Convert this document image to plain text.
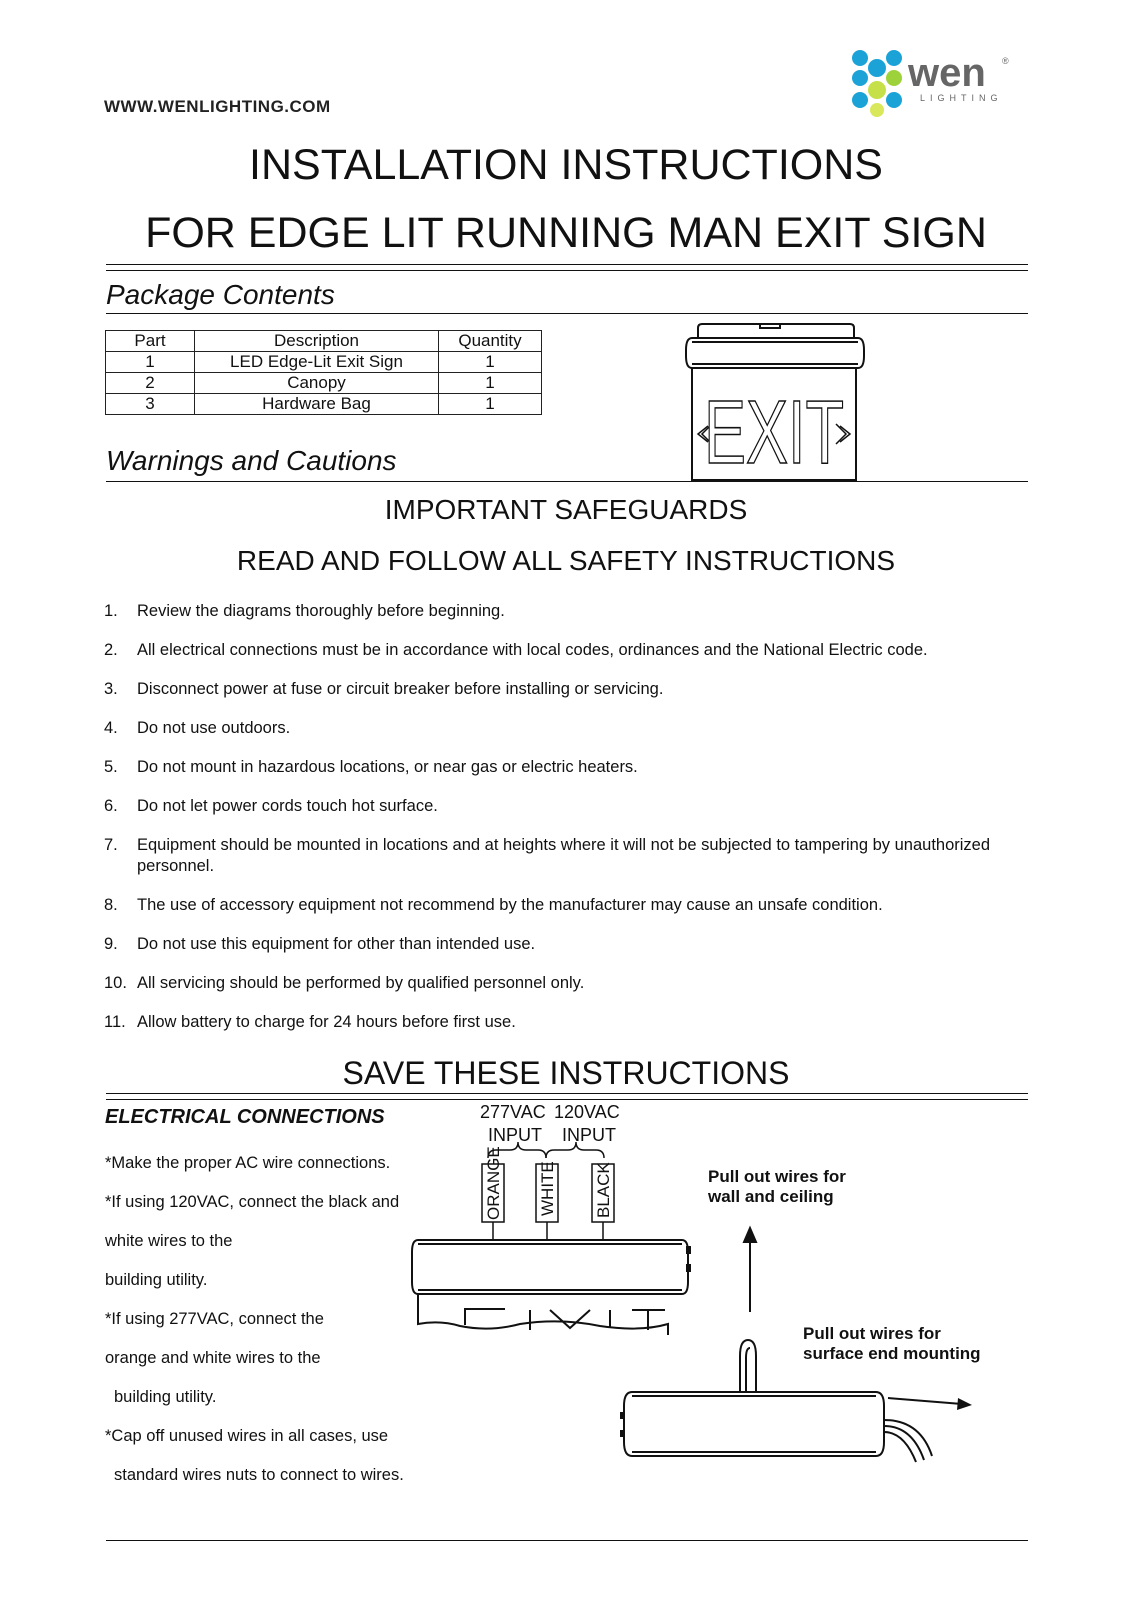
WWW.WENLIGHTING.COM
wen ®
LIGHTING
INSTALLATION INSTRUCTIONS
FOR EDGE LIT RUNNING MAN EXIT SIGN
Package Contents
Part	Description	Quantity
1	LED Edge-Lit Exit Sign	1
2	Canopy	1
3	Hardware Bag	1 EXIT
Warnings and Cautions
IMPORTANT SAFEGUARDS
READ AND FOLLOW ALL SAFETY INSTRUCTIONS
1.	Review the diagrams thoroughly before beginning.
2.	All electrical connections must be in accordance with local codes, ordinances and the National Electric code.
3.	Disconnect power at fuse or circuit breaker before installing or servicing.
4.	Do not use outdoors.
5.	Do not mount in hazardous locations, or near gas or electric heaters.
6.	Do not let power cords touch hot surface.
7.	Equipment should be mounted in locations and at heights where it will not be subjected to tampering by unauthorized personnel.
8.	The use of accessory equipment not recommend by the manufacturer may cause an unsafe condition.
9.	Do not use this equipment for other than intended use.
10. All servicing should be performed by qualified personnel only.
11. Allow battery to charge for 24 hours before first use.
SAVE THESE INSTRUCTIONS
ELECTRICAL CONNECTIONS
*Make the proper AC wire connections.
*If using 120VAC, connect the black and
white wires to the
building utility.
*If using 277VAC, connect the
orange and white wires to the
building utility.
*Cap off unused wires in all cases, use
standard wires nuts to connect to wires.
277VAC 120VAC
INPUT INPUT
ORANGE WHITE BLACK	Pull out wires for
wall and ceiling
Pull out wires for
surface end mounting
